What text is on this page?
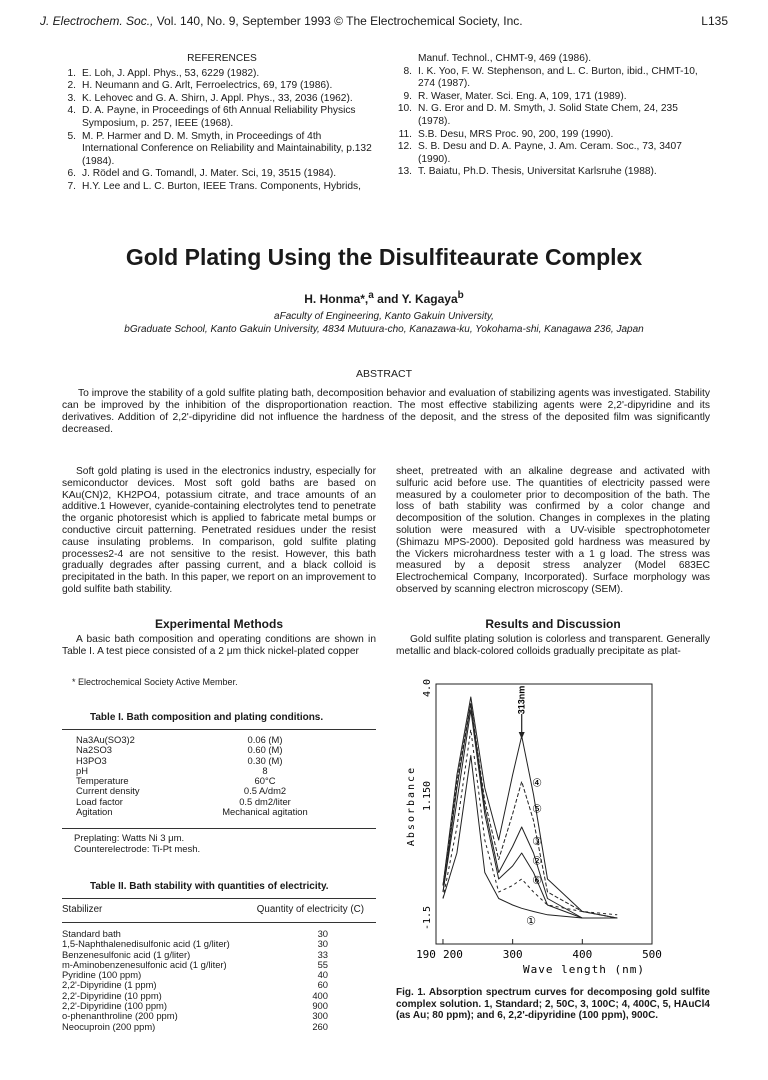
J. Electrochem. Soc., Vol. 140, No. 9, September 1993 © The Electrochemical Society, Inc.	L135
REFERENCES
1. E. Loh, J. Appl. Phys., 53, 6229 (1982).
2. H. Neumann and G. Arlt, Ferroelectrics, 69, 179 (1986).
3. K. Lehovec and G. A. Shirn, J. Appl. Phys., 33, 2036 (1962).
4. D. A. Payne, in Proceedings of 6th Annual Reliability Physics Symposium, p. 257, IEEE (1968).
5. M. P. Harmer and D. M. Smyth, in Proceedings of 4th International Conference on Reliability and Maintainability, p.132 (1984).
6. J. Rödel and G. Tomandl, J. Mater. Sci, 19, 3515 (1984).
7. H.Y. Lee and L. C. Burton, IEEE Trans. Components, Hybrids,
Manuf. Technol., CHMT-9, 469 (1986).
8. I. K. Yoo, F. W. Stephenson, and L. C. Burton, ibid., CHMT-10, 274 (1987).
9. R. Waser, Mater. Sci. Eng. A, 109, 171 (1989).
10. N. G. Eror and D. M. Smyth, J. Solid State Chem, 24, 235 (1978).
11. S.B. Desu, MRS Proc. 90, 200, 199 (1990).
12. S. B. Desu and D. A. Payne, J. Am. Ceram. Soc., 73, 3407 (1990).
13. T. Baiatu, Ph.D. Thesis, Universitat Karlsruhe (1988).
Gold Plating Using the Disulfiteaurate Complex
H. Honma*,$^a$ and Y. Kagaya$^b$
aFaculty of Engineering, Kanto Gakuin University,
bGraduate School, Kanto Gakuin University, 4834 Mutuura-cho, Kanazawa-ku, Yokohama-shi, Kanagawa 236, Japan
ABSTRACT
To improve the stability of a gold sulfite plating bath, decomposition behavior and evaluation of stabilizing agents was investigated. Stability can be improved by the inhibition of the disproportionation reaction. The most effective stabilizing agents were 2,2'-dipyridine and its derivatives. Addition of 2,2'-dipyridine did not influence the hardness of the deposit, and the stress of the deposited film was significantly decreased.
Soft gold plating is used in the electronics industry, especially for semiconductor devices. Most soft gold baths are based on KAu(CN)2, KH2PO4, potassium citrate, and trace amounts of an additive.1 However, cyanide-containing electrolytes tend to penetrate the organic photoresist which is applied to fabricate metal bumps or conductive circuit patterning. Penetrated residues under the resist cause insulating problems. In comparison, gold sulfite plating processes2-4 are not sensitive to the resist. However, this bath gradually degrades after passing current, and a black colloid is precipitated in the bath. In this paper, we report on an improvement to gold sulfite bath stability.
sheet, pretreated with an alkaline degrease and activated with sulfuric acid before use. The quantities of electricity passed were measured by a coulometer prior to decomposition of the bath. The loss of bath stability was confirmed by a color change and decomposition of the solution. Changes in complexes in the plating solution were measured with a UV-visible spectrophotometer (Shimazu MPS-2000). Deposited gold hardness was measured by the Vickers microhardness tester with a 1 g load. The stress was measured by a deposit stress analyzer (Model 683EC Electrochemical Company, Incorporated). Surface morphology was observed by scanning electron microscopy (SEM).
Experimental Methods
A basic bath composition and operating conditions are shown in Table I. A test piece consisted of a 2 μm thick nickel-plated copper
Results and Discussion
Gold sulfite plating solution is colorless and transparent. Generally metallic and black-colored colloids gradually precipitate as plat-
* Electrochemical Society Active Member.
Table I. Bath composition and plating conditions.
Na3Au(SO3)2	0.06 (M)
Na2SO3	0.60 (M)
H3PO3	0.30 (M)
pH	8
Temperature	60°C
Current density	0.5 A/dm2
Load factor	0.5 dm2/liter
Agitation	Mechanical agitation
Preplating: Watts Ni 3 μm.
Counterelectrode: Ti-Pt mesh.
Table II. Bath stability with quantities of electricity.
Stabilizer	Quantity of electricity (C)
Standard bath	30
1,5-Naphthalenedisulfonic acid (1 g/liter)	30
Benzenesulfonic acid (1 g/liter)	33
m-Aminobenzenesulfonic acid (1 g/liter)	55
Pyridine (100 ppm)	40
2,2'-Dipyridine (1 ppm)	60
2,2'-Dipyridine (10 ppm)	400
2,2'-Dipyridine (100 ppm)	900
o-phenanthroline (200 ppm)	300
Neocuproin (200 ppm)	260
190 200	300	400	500
4.0
1.150
-1.5
Absorbance
Wave length (nm)
313nm
①
②
③
④
⑤
⑥
Fig. 1. Absorption spectrum curves for decomposing gold sulfite complex solution. 1, Standard; 2, 50C, 3, 100C; 4, 400C, 5, HAuCl4 (as Au; 80 ppm); and 6, 2,2'-dipyridine (100 ppm), 900C.
